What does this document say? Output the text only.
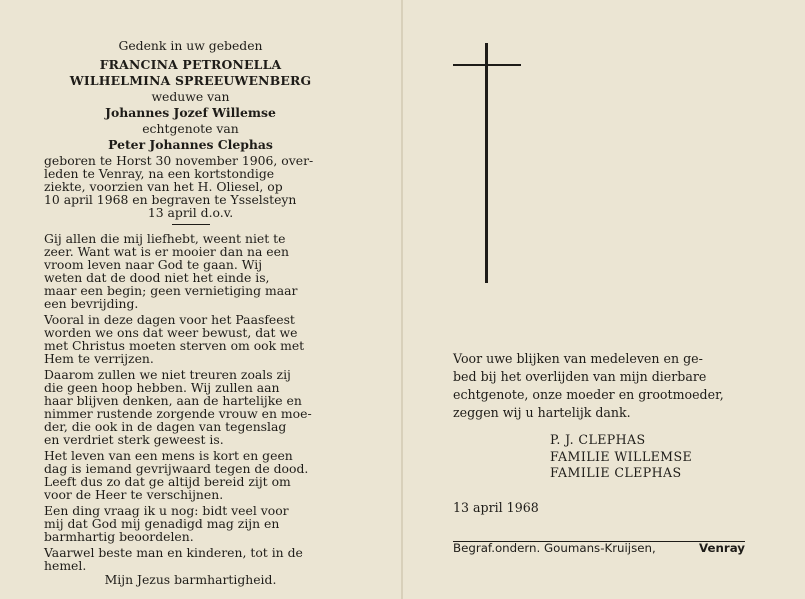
Gedenk in uw gebeden
FRANCINA PETRONELLA
WILHELMINA SPREEUWENBERG
weduwe van
Johannes Jozef Willemse
echtgenote van
Peter Johannes Clephas

geboren te Horst 30 november 1906, over-

leden te Venray, na een kortstondige

ziekte, voorzien van het H. Oliesel, op

10 april 1968 en begraven te Ysselsteyn

13 april d.o.v.

Gij allen die mij liefhebt, weent niet te

zeer. Want wat is er mooier dan na een

vroom leven naar God te gaan. Wij

weten dat de dood niet het einde is,

maar een begin; geen vernietiging maar

een bevrijding.

Vooral in deze dagen voor het Paasfeest

worden we ons dat weer bewust, dat we

met Christus moeten sterven om ook met

Hem te verrijzen.

Daarom zullen we niet treuren zoals zij

die geen hoop hebben. Wij zullen aan

haar blijven denken, aan de hartelijke en

nimmer rustende zorgende vrouw en moe-

der, die ook in de dagen van tegenslag

en verdriet sterk geweest is.

Het leven van een mens is kort en geen

dag is iemand gevrijwaard tegen de dood.

Leeft dus zo dat ge altijd bereid zijt om

voor de Heer te verschijnen.

Een ding vraag ik u nog: bidt veel voor

mij dat God mij genadigd mag zijn en

barmhartig beoordelen.

Vaarwel beste man en kinderen, tot in de

hemel.

Mijn Jezus barmhartigheid.

Voor uwe blijken van medeleven en ge-

bed bij het overlijden van mijn dierbare

echtgenote, onze moeder en grootmoeder,

zeggen wij u hartelijk dank.

P. J. CLEPHAS
FAMILIE WILLEMSE
FAMILIE CLEPHAS
13 april 1968
Begraf.ondern. Goumans-Kruijsen,	Venray
